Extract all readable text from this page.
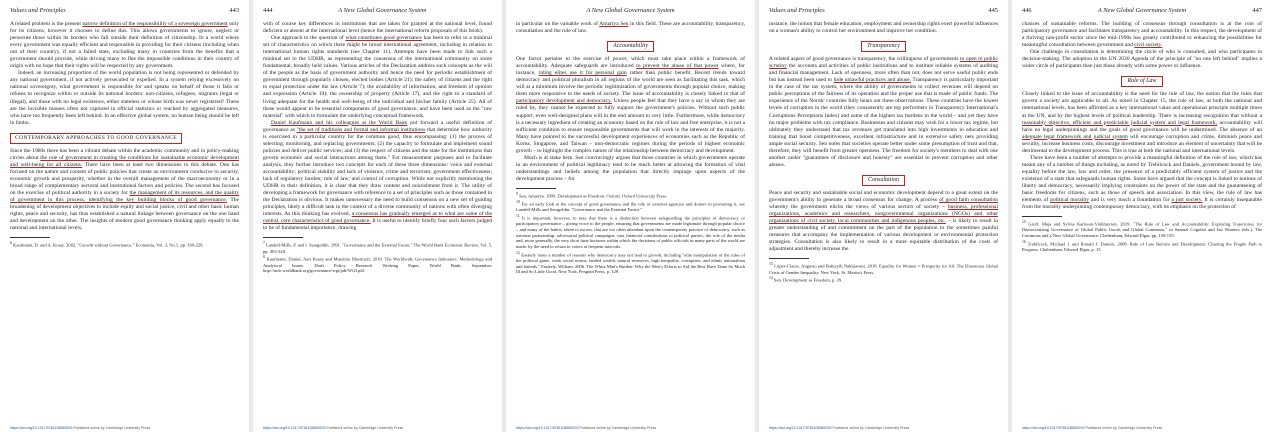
Values and Principles	443

A related problem is the present narrow definition of the responsibility of a sovereign government only for its citizens, however it chooses to define this. This allows governments to ignore, neglect or persecute those within its borders who fall outside their definition of citizenship. In a world where every government was equally efficient and responsible in providing for their citizens (including when out of their country), if not a failed state, excluding many in countries from the benefits that a government should provide, while driving many to flee the impossible conditions in their country of origin with no hope that their rights will be respected by any government.

Indeed, an increasing proportion of the world population is not being represented or defended by any national government, if not actively persecuted or expelled. In a system relying excessively on national sovereignty, what government is responsible for and speaks on behalf of those it fails or refuses to recognize within or outside its national borders: non-citizens, refugees, migrants (legal or illegal), and those with no legal existence, either stateless or whose birth was never registered? These are the invisible masses often not captured in official statistics or reached by aggregated measures, who have too frequently been left behind. In an effective global system, no human being should be left in limbo.

CONTEMPORARY APPROACHES TO GOOD GOVERNANCE

Since the 1980s there has been a vibrant debate within the academic community and in policy-making circles about the role of government in creating the conditions for sustainable economic development and well-being for all citizens. There have been at least two dimensions to this debate. One has focused on the nature and content of public policies that create an environment conducive to security, economic growth and prosperity, whether in the overall management of the macroeconomy or in a broad range of complementary sectoral and institutional factors and policies. The second has focused on the exercise of political authority in a society for the management of its resources, and the quality of government in this process, identifying the key building blocks of good governance. The broadening of development objectives to include equity and social justice, civil and other basic human rights, peace and security, has thus established a natural linkage between governance on the one hand and development on the other. The insights of modern good governance thinking apply equally to the national and international levels,

$^6$ Kaufmann, D. and A. Kraay. 2002. "Growth without Governance." Economia, Vol. 3, No.1, pp. 169-229.
https://doi.org/10.1017/9781108569293 Published online by Cambridge University Press
444	A New Global Governance System

with of course key differences in institutions that are taken for granted at the national level, found deficient or absent at the international level (hence the international reform proposals of this book).

One approach to the question of what constitutes good governance has been to refer to a minimal set of characteristics on which there might be broad international agreement, including in relation to international human rights standards (see Chapter 11). Attempts have been made to link such a minimal set to the UDHR, as representing the consensus of the international community on some fundamental, broadly held values. Various articles of the Declaration address such concepts as the will of the people as the basis of government authority and hence the need for periodic establishment of government through popularly chosen, elected bodies (Article 21); the safety of citizens and the right to equal protection under the law (Article 7); the availability of information, and freedom of opinion and expression (Article 19); the ownership of property (Article 17), and the right to a standard of living adequate for the health and well-being of the individual and his/her family (Article 25). All of these would appear to be essential components of good governance, and have been used as the "raw material" with which to formulate the underlying conceptual framework.

Daniel Kaufmann and his colleagues at the World Bank put forward a useful definition of governance as "the set of traditions and formal and informal institutions that determine how authority is exercised in a particular country for the common good, thus encompassing: (1) the process of selecting, monitoring, and replacing governments; (2) the capacity to formulate and implement sound policies and deliver public services; and (3) the respect of citizens and the state for the institutions that govern economic and social interactions among them." For measurement purposes and to facilitate analysis, they further introduce two concepts for each of these three dimensions: voice and external accountability; political stability and lack of violence, crime and terrorism; government effectiveness; lack of regulatory burden; rule of law; and control of corruption. While not explicitly mentioning the UDHR in their definition, it is clear that they draw content and nourishment from it. The utility of developing a framework for governance with reference to a set of principles such as those contained in the Declaration is obvious. It makes unnecessary the need to build consensus on a new set of guiding principles, likely a difficult task in the context of a diverse community of nations with often diverging interests. As this thinking has evolved, a consensus has gradually emerged as to what are some of the central, core characteristics of good governance. It is useful to identify briefly four such factors judged to be of fundamental importance, drawing

$^7$ Landell-Mills, P. and I. Serageldin. 1991. "Governance and the External Factor." The World Bank Economic Review, Vol. 5, pp. 303-320.
$^8$ Kaufmann, Daniel, Aart Kraay and Massimo Mastruzzi. 2010. The Worldwide Governance Indicators: Methodology and Analytical Issues. Draft Policy Research Working Paper, World Bank, September. http://info.worldbank.org/governance/wgi/pdf/WGI.pdf.
https://doi.org/10.1017/9781108569293 Published online by Cambridge University Press
A New Global Governance System

in particular on the valuable work of Amartya Sen in this field. These are accountability, transparency, consultation and the rule of law.

Accountability

One factor pertains to the exercise of power, which must take place within a framework of accountability. Adequate safeguards are introduced to prevent the abuse of that power where, for instance, ruling elites use it for personal gain rather than public benefit. Recent trends toward democracy and political pluralism in all regions of the world are seen as facilitating this task, which will at a minimum involve the periodic legitimization of governments through popular choice, making them more responsive to the needs of society. The issue of accountability is closely linked to that of participatory development and democracy. Unless people feel that they have a say in whom they are ruled by, they cannot be expected to fully support the government's policies. Without such public support, even well-designed plans will in the end amount to very little. Furthermore, while democracy is a necessary ingredient of creating an economy based on the rule of law and free enterprise, it is not a sufficient condition to ensure responsible governments that will work in the interests of the majority. Many have pointed to the successful development experiences of economies such as the Republic of Korea, Singapore, and Taiwan – non-democratic regimes during the periods of highest economic growth – to highlight the complex nature of the relationship between democracy and development.

Much is at stake here. Sen convincingly argues that those countries in which governments operate in an environment of political legitimacy tend to be much better at allowing the formation of vital understandings and beliefs among the population that directly impinge upon aspects of the development process – for

$^9$ Sen, Amartya. 1999. Development as Freedom. Oxford, Oxford University Press.
$^{10}$ For an early look at the concept of good governance and the role of external agencies and donors in promoting it, see Landell-Mills and Serageldin, "Governance and the External Factor."
$^{11}$ It is important, however, to note that there is a distinction between safeguarding the principles of democracy or participatory governance – giving voice to the people, ensuring that governments are made legitimate through popular choice – and many of the habits, taken to excess, that are too often attendant upon the contemporary practice of democracy, such as extreme partisanship, adversarial political campaigns, vast financial contributions to political parties, the role of the media and, more generally, the very short time horizons within which the decisions of public officials in many parts of the world are made, by the need to return to voters at frequent intervals.
$^{12}$ Easterly notes a number of reasons why democracy may not lead to growth, including "elite manipulation of the rules of the political game, weak social norms, landed wealth, natural resources, high inequality, corruption, and ethnic nationalism and hatreds." Easterly, William. 2006. The White Man's Burden: Why the West's Efforts to Aid the Rest Have Done So Much Ill and So Little Good. New York, Penguin Press, p. 129.
https://doi.org/10.1017/9781108569293 Published online by Cambridge University Press
Values and Principles	445

instance, the notion that female education, employment and ownership rights exert powerful influences on a woman's ability to control her environment and improve her condition.

Transparency

A related aspect of good governance is transparency, the willingness of governments to open to public scrutiny the accounts and activities of public institutions and to institute reliable systems of auditing and financial management. Lack of openness, more often than not, does not serve useful public ends but has instead been used to hide unlawful practices and abuse. Transparency is particularly important in the case of the tax system, where the ability of governments to collect revenues will depend on public perceptions of the fairness of its operation and the proper use that is made of public funds. The experience of the Nordic countries fully bears out these observations. These countries have the lowest levels of corruption in the world (they consistently are top performers in Transparency International's Corruptions Perceptions Index) and some of the highest tax burdens in the world – and yet they have no major problems with tax compliance. Businesses and citizens may wish for a lower tax regime, but ultimately they understand that tax revenues get translated into high investments in education and training that boost competitiveness, excellent infrastructure and in extensive safety nets providing ample social security. Sen notes that societies operate better under some presumption of trust and that, therefore, they will benefit from greater openness. The freedom for society's members to deal with one another under "guarantees of disclosure and honesty" are essential to prevent corruption and other abuses.

Consultation

Peace and security and sustainable social and economic development depend to a great extent on the government's ability to generate a broad consensus for change. A process of good faith consultation whereby the government elicits the views of various sectors of society – business, professional organizations, academics and researchers, nongovernmental organizations (NGOs) and other organizations of civil society, local communities and indigenous peoples, etc. – is likely to result in greater understanding of and commitment on the part of the population to the sometimes painful measures that accompany the implementation of various development or environmental protection strategies. Consultation is also likely to result in a more equitable distribution of the costs of adjustment and thereby increase the

$^{13}$ López-Claros, Augusto and Bahiyyih Nakhjavani. 2018. Equality for Women = Prosperity for All: The Disastrous Global Crisis of Gender Inequality. New York, St. Martin's Press.
$^{14}$ Sen, Development as Freedom, p. 39.
https://doi.org/10.1017/9781108569293 Published online by Cambridge University Press
446	A New Global Governance System	447

chances of sustainable reforms. The building of consensus through consultation is at the root of participatory governance and facilitates transparency and accountability. In this respect, the development of a thriving non-profit sector since the mid-1990s has greatly contributed to enhancing the possibilities for meaningful consultation between government and civil society.

One challenge in consultation is determining the circle of who is consulted, and who participates in decision-making. The adoption in the UN 2030 Agenda of the principle of "no one left behind" implies a wider circle of participants than just those already with some power or influence.

Rule of Law

Closely linked to the issue of accountability is the need for the rule of law, the notion that the rules that govern a society are applicable to all. As noted in Chapter 15, the rule of law, at both the national and international levels, has been affirmed as a key international value and operational principle multiple times at the UN, and by the highest levels of political leadership. There is increasing recognition that without a reasonably objective, efficient and predictable judicial system and legal framework, accountability will have no legal underpinnings and the goals of good governance will be undermined. The absence of an adequate legal framework and judicial system will encourage corruption and crime, diminish peace and security, increase business costs, discourage investment and introduce an element of uncertainty that will be detrimental to the development process. This is true at both the national and international levels.

There have been a number of attempts to provide a meaningful definition of the rule of law, which has meant any of a number of things including, as noted by Trebilcock and Daniels, government bound by law, equality before the law, law and order, the presence of a predictably efficient system of justice and the existence of a state that safeguards human rights. Some have argued that the concept is linked to notions of liberty and democracy, necessarily implying constraints on the power of the state and the guaranteeing of basic freedoms for citizens, such as those of speech and association. In this view, the rule of law has elements of political morality and is very much a foundation for a just society. It is certainly inseparable from the morality underpinning contemporary democracy, with its emphasis on the protection of

$^{15}$ Groff, Maja and Sylvia Karlsson-Vinkhuyzen. 2019. "The Rule of Law and Accountability: Exploring Trajectories for Democratizing Governance of Global Public Goods and Global Commons," in Samuel Cogolati and Jan Wouters (eds.), The Commons and a New Global Governance. Cheltenham, Edward Elgar, pp. 150-159.
$^{16}$ Trebilcock, Michael J. and Ronald J. Daniels. 2008. Rule of Law Reform and Development: Charting the Fragile Path to Progress. Cheltenham, Edward Elgar, p. 15.
https://doi.org/10.1017/9781108569293 Published online by Cambridge University Press
